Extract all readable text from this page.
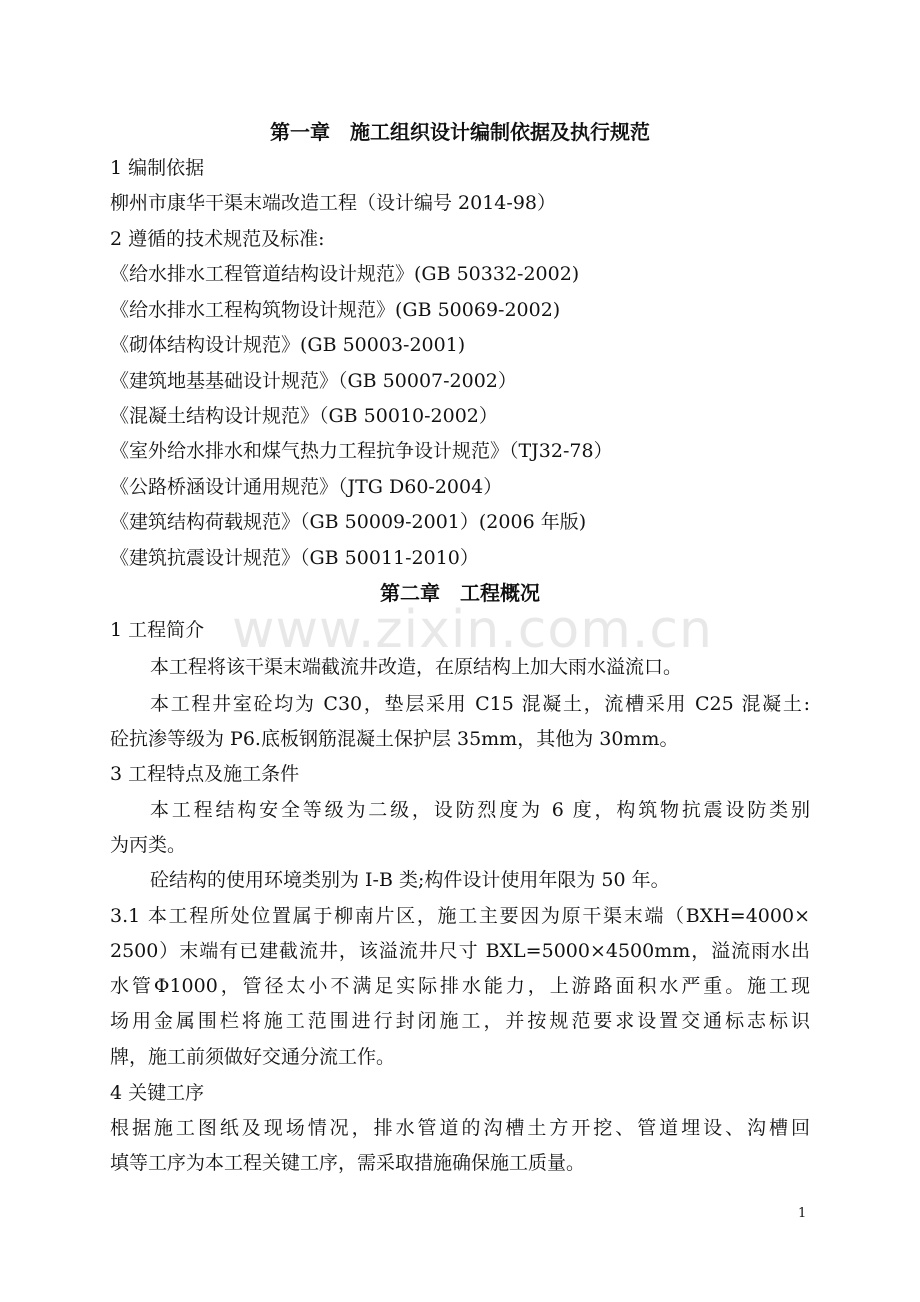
第一章　施工组织设计编制依据及执行规范
1 编制依据
柳州市康华干渠末端改造工程（设计编号 2014-98）
2 遵循的技术规范及标准:
《给水排水工程管道结构设计规范》(GB 50332-2002)
《给水排水工程构筑物设计规范》(GB 50069-2002)
《砌体结构设计规范》(GB 50003-2001)
《建筑地基基础设计规范》（GB 50007-2002）
《混凝土结构设计规范》（GB 50010-2002）
《室外给水排水和煤气热力工程抗争设计规范》（TJ32-78）
《公路桥涵设计通用规范》（JTG D60-2004）
《建筑结构荷载规范》（GB 50009-2001）(2006 年版)
《建筑抗震设计规范》（GB 50011-2010）
第二章　工程概况
1 工程简介
本工程将该干渠末端截流井改造，在原结构上加大雨水溢流口。
本工程井室砼均为 C30，垫层采用 C15 混凝土，流槽采用 C25 混凝土:
砼抗渗等级为 P6.底板钢筋混凝土保护层 35mm，其他为 30mm。
3 工程特点及施工条件
本工程结构安全等级为二级，设防烈度为 6 度，构筑物抗震设防类别
为丙类。
砼结构的使用环境类别为 I-B 类;构件设计使用年限为 50 年。
3.1 本工程所处位置属于柳南片区，施工主要因为原干渠末端（BXH=4000×
2500）末端有已建截流井，该溢流井尺寸 BXL=5000×4500mm，溢流雨水出
水管Φ1000，管径太小不满足实际排水能力，上游路面积水严重。施工现
场用金属围栏将施工范围进行封闭施工，并按规范要求设置交通标志标识
牌，施工前须做好交通分流工作。
4 关键工序
根据施工图纸及现场情况，排水管道的沟槽土方开挖、管道埋设、沟槽回
填等工序为本工程关键工序，需采取措施确保施工质量。
www.zixin.com.cn
1
